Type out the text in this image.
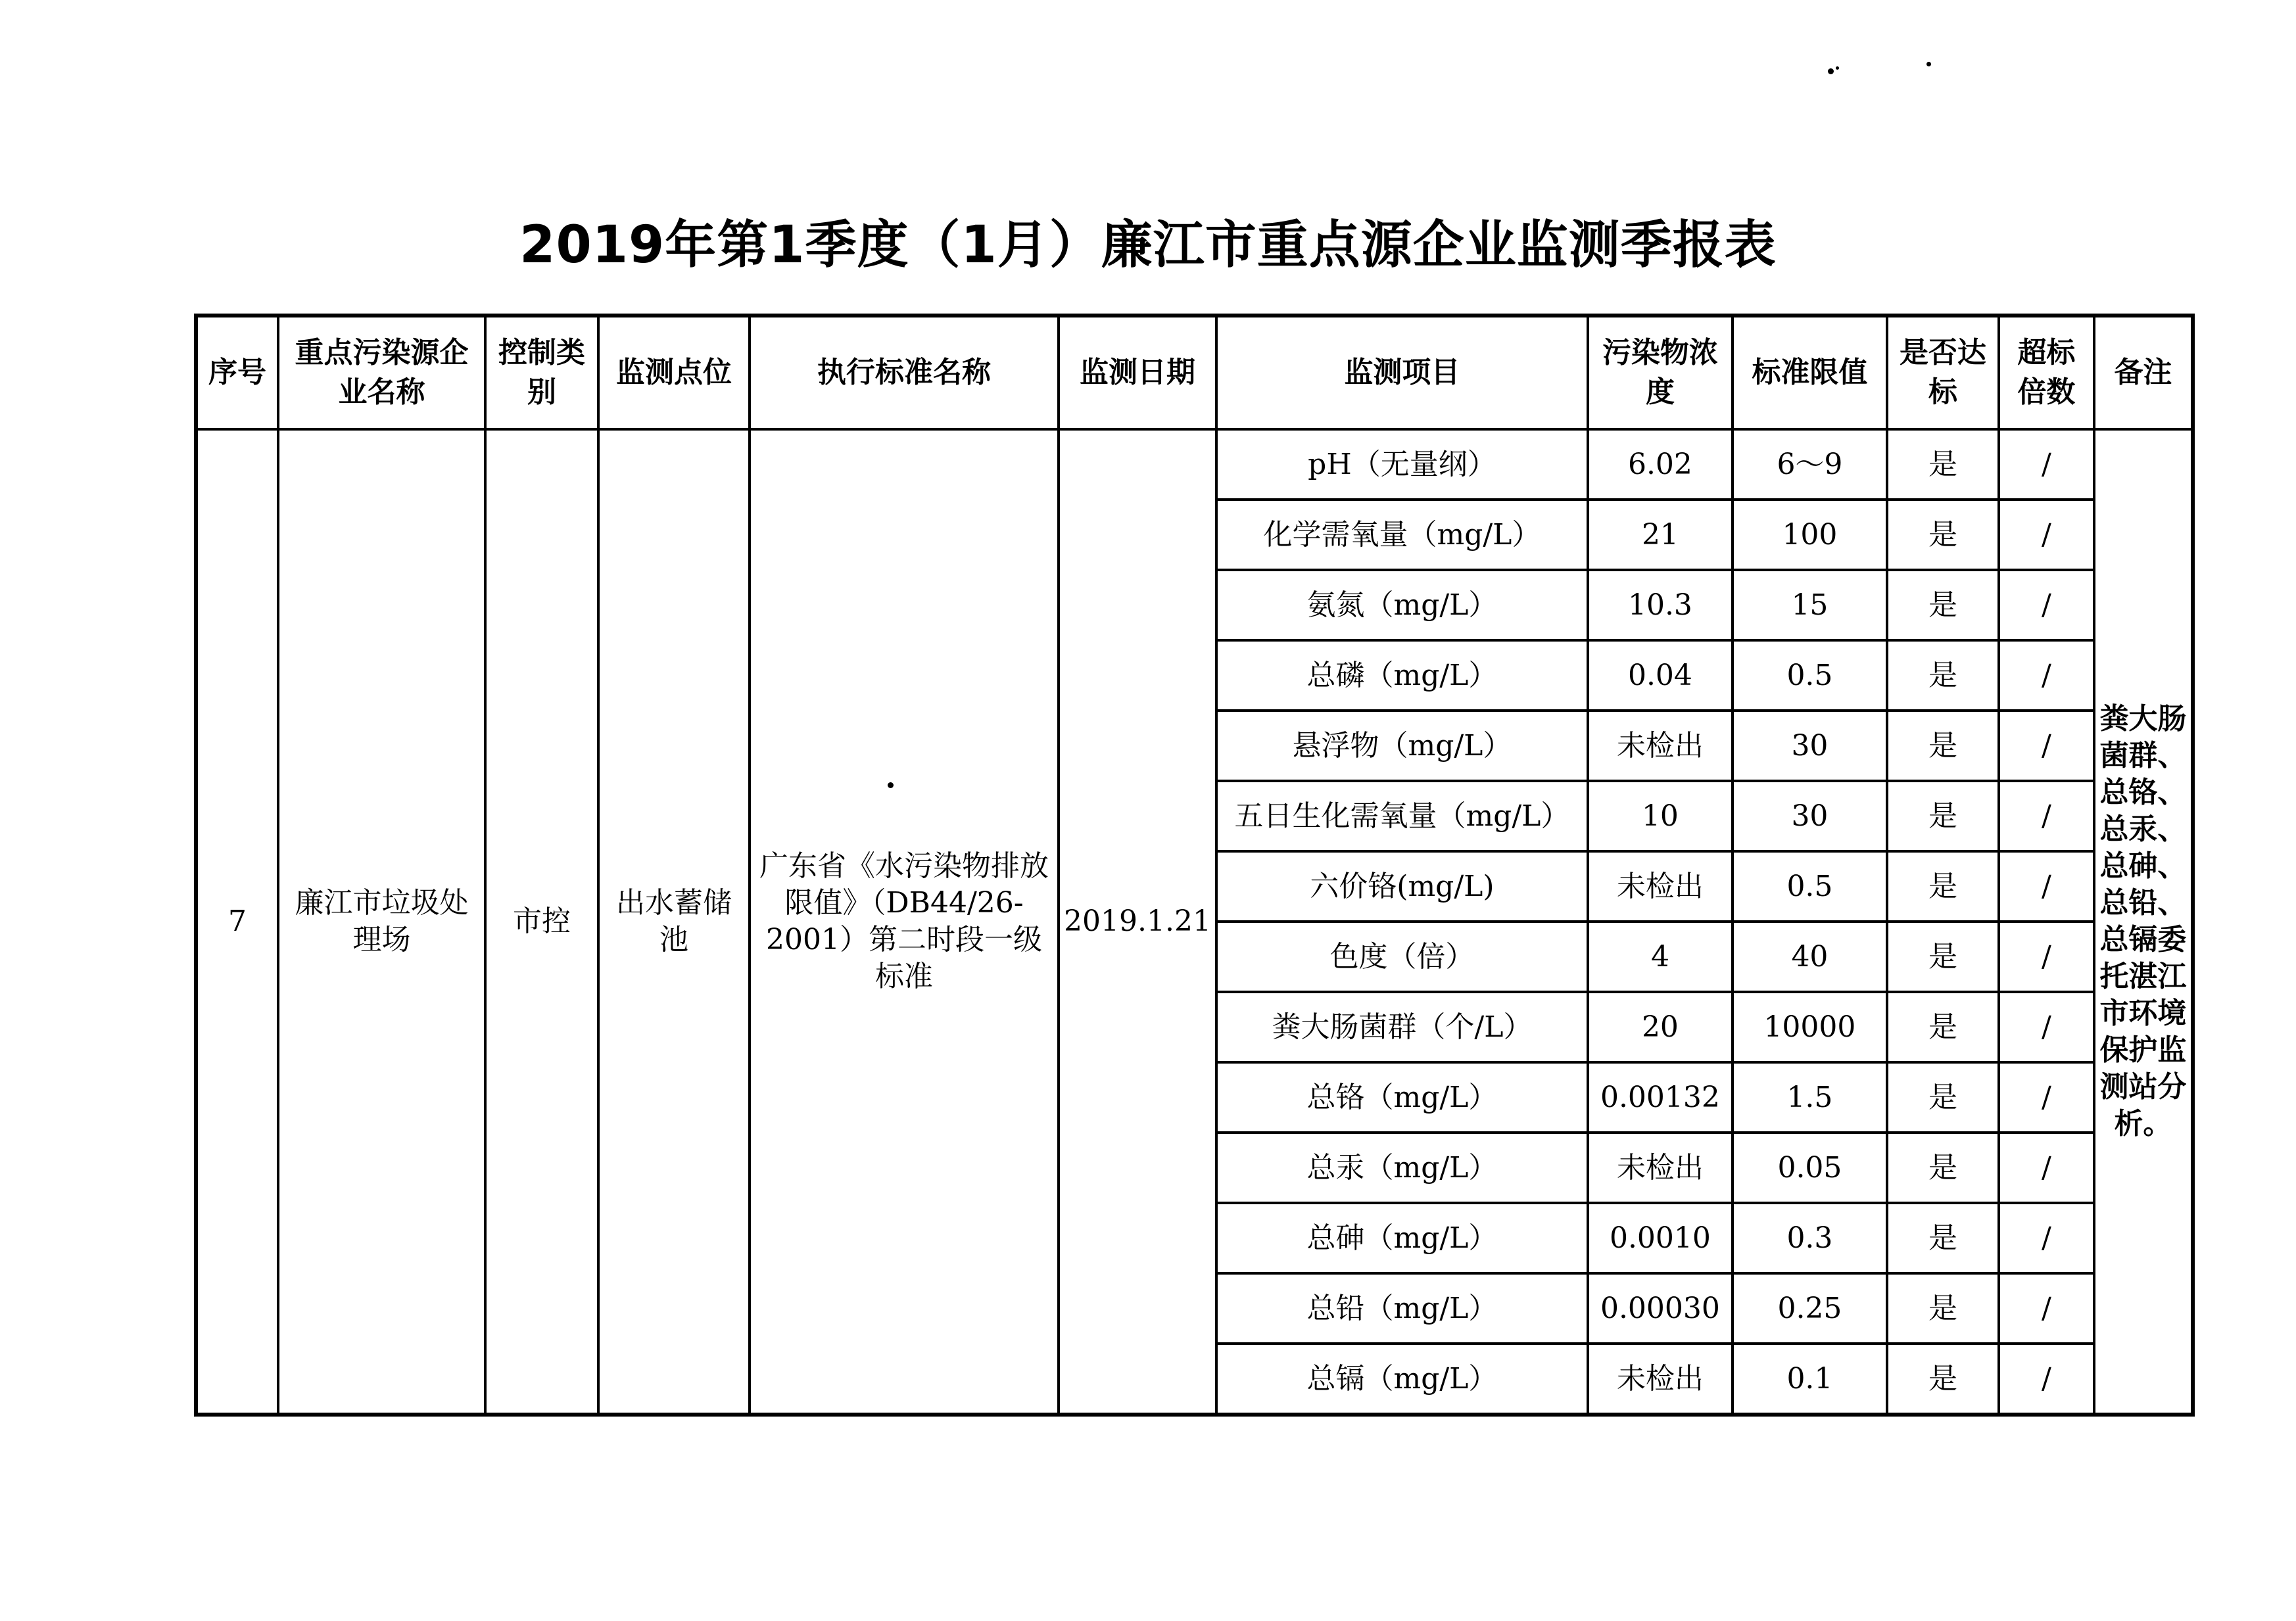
2019年第1季度（1月）廉江市重点源企业监测季报表
序号	重点污染源企业名称	控制类别	监测点位	执行标准名称	监测日期	监测项目	污染物浓度	标准限值	是否达标	超标倍数	备注
7	廉江市垃圾处理场	市控	出水蓄储池	广东省《水污染物排放限值》（DB44/26-2001）第二时段一级标准	2019.1.21	pH（无量纲）	6.02	6～9	是	/	粪大肠菌群、总铬、总汞、总砷、总铅、总镉委托湛江市环境保护监测站分析。
						化学需氧量（mg/L）	21	100	是	/	
						氨氮（mg/L）	10.3	15	是	/	
						总磷（mg/L）	0.04	0.5	是	/	
						悬浮物（mg/L）	未检出	30	是	/	
						五日生化需氧量（mg/L）	10	30	是	/	
						六价铬(mg/L)	未检出	0.5	是	/	
						色度（倍）	4	40	是	/	
						粪大肠菌群（个/L）	20	10000	是	/	
						总铬（mg/L）	0.00132	1.5	是	/	
						总汞（mg/L）	未检出	0.05	是	/	
						总砷（mg/L）	0.0010	0.3	是	/	
						总铅（mg/L）	0.00030	0.25	是	/	
						总镉（mg/L）	未检出	0.1	是	/	
